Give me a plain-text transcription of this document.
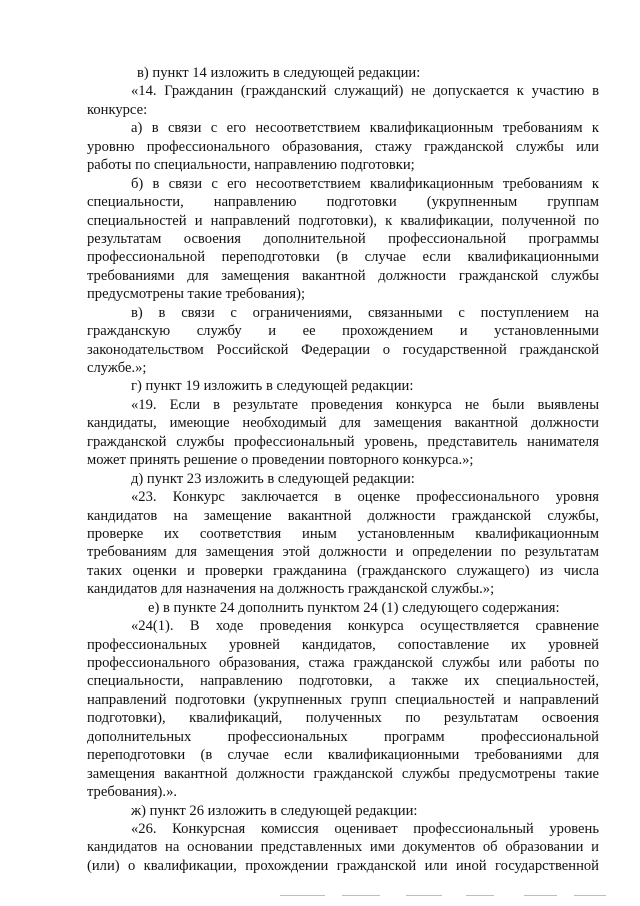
в) пункт 14 изложить в следующей редакции:
«14. Гражданин (гражданский служащий) не допускается к участию в
конкурсе:
а) в связи с его несоответствием квалификационным требованиям к
уровню профессионального образования, стажу гражданской службы или
работы по специальности, направлению подготовки;
б) в связи с его несоответствием квалификационным требованиям к
специальности, направлению подготовки (укрупненным группам
специальностей и направлений подготовки), к квалификации, полученной по
результатам освоения дополнительной профессиональной программы
профессиональной переподготовки (в случае если квалификационными
требованиями для замещения вакантной должности гражданской службы
предусмотрены такие требования);
в) в связи с ограничениями, связанными с поступлением на
гражданскую службу и ее прохождением и установленными
законодательством Российской Федерации о государственной гражданской
службе.»;
г) пункт 19 изложить в следующей редакции:
«19. Если в результате проведения конкурса не были выявлены
кандидаты, имеющие необходимый для замещения вакантной должности
гражданской службы профессиональный уровень, представитель нанимателя
может принять решение о проведении повторного конкурса.»;
д) пункт 23 изложить в следующей редакции:
«23. Конкурс заключается в оценке профессионального уровня
кандидатов на замещение вакантной должности гражданской службы,
проверке их соответствия иным установленным квалификационным
требованиям для замещения этой должности и определении по результатам
таких оценки и проверки гражданина (гражданского служащего) из числа
кандидатов для назначения на должность гражданской службы.»;
е) в пункте 24 дополнить пунктом 24 (1) следующего содержания:
«24(1). В ходе проведения конкурса осуществляется сравнение
профессиональных уровней кандидатов, сопоставление их уровней
профессионального образования, стажа гражданской службы или работы по
специальности, направлению подготовки, а также их специальностей,
направлений подготовки (укрупненных групп специальностей и направлений
подготовки), квалификаций, полученных по результатам освоения
дополнительных профессиональных программ профессиональной
переподготовки (в случае если квалификационными требованиями для
замещения вакантной должности гражданской службы предусмотрены такие
требования).».
ж) пункт 26 изложить в следующей редакции:
«26. Конкурсная комиссия оценивает профессиональный уровень
кандидатов на основании представленных ими документов об образовании и
(или) о квалификации, прохождении гражданской или иной государственной
